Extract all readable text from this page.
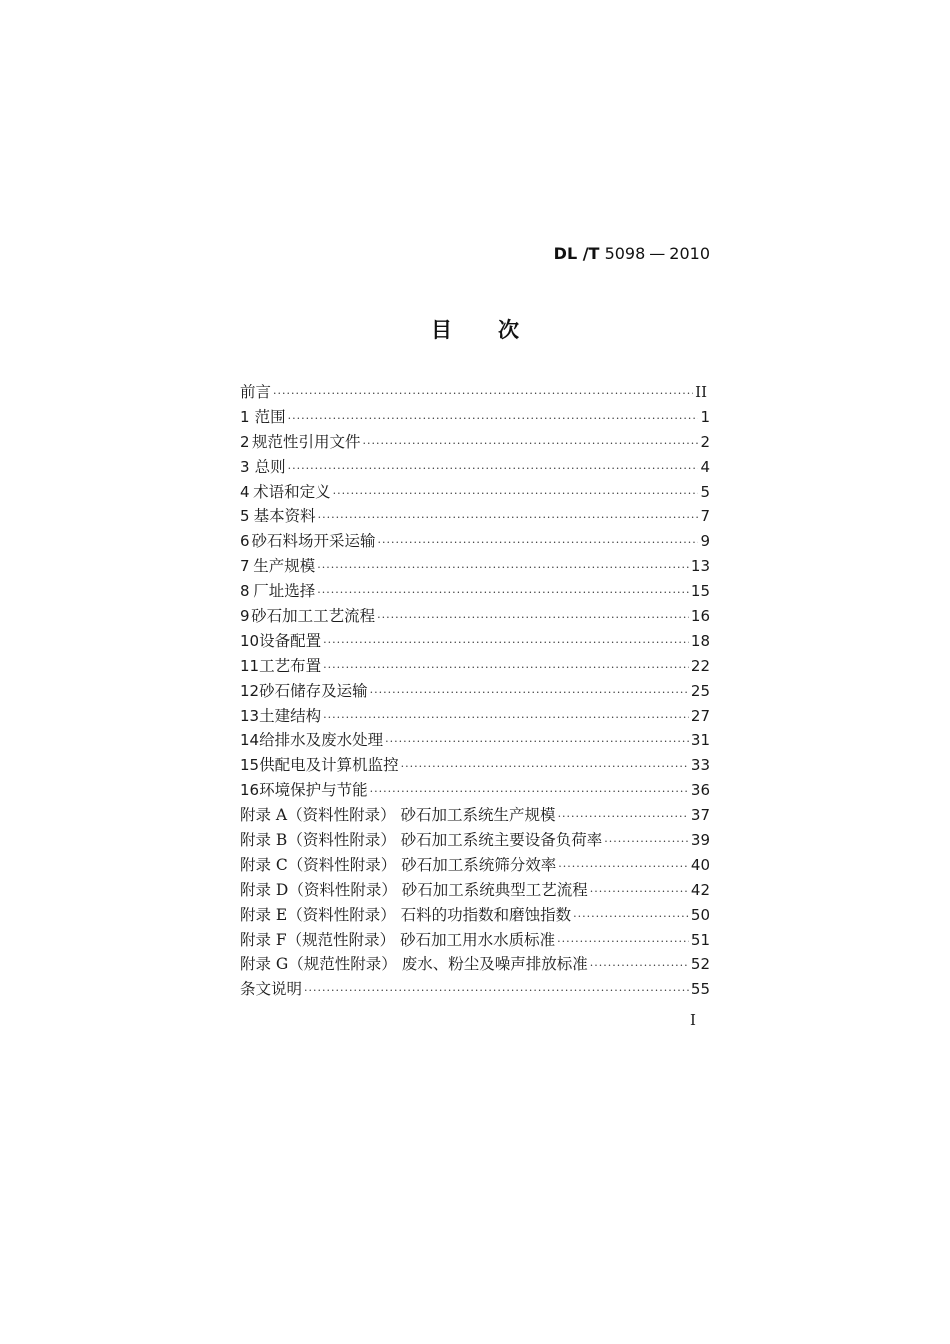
DL /T 5098 — 2010
目 次
前言 ·····	II
1 范围 ·····	1
2 规范性引用文件 ·····	2
3 总则 ·····	4
4 术语和定义 ·····	5
5 基本资料 ·····	7
6 砂石料场开采运输 ·····	9
7 生产规模 ·····	13
8 厂址选择 ·····	15
9 砂石加工工艺流程 ·····	16
10 设备配置 ·····	18
11 工艺布置 ·····	22
12 砂石储存及运输 ·····	25
13 土建结构 ·····	27
14 给排水及废水处理 ·····	31
15 供配电及计算机监控 ·····	33
16 环境保护与节能 ·····	36
附录 A（资料性附录） 砂石加工系统生产规模 ·····	37
附录 B（资料性附录） 砂石加工系统主要设备负荷率 ·····	39
附录 C（资料性附录） 砂石加工系统筛分效率 ·····	40
附录 D（资料性附录） 砂石加工系统典型工艺流程 ·····	42
附录 E（资料性附录） 石料的功指数和磨蚀指数 ·····	50
附录 F（规范性附录） 砂石加工用水水质标准 ·····	51
附录 G（规范性附录） 废水、粉尘及噪声排放标准 ·····	52
条文说明 ·····	55
I
